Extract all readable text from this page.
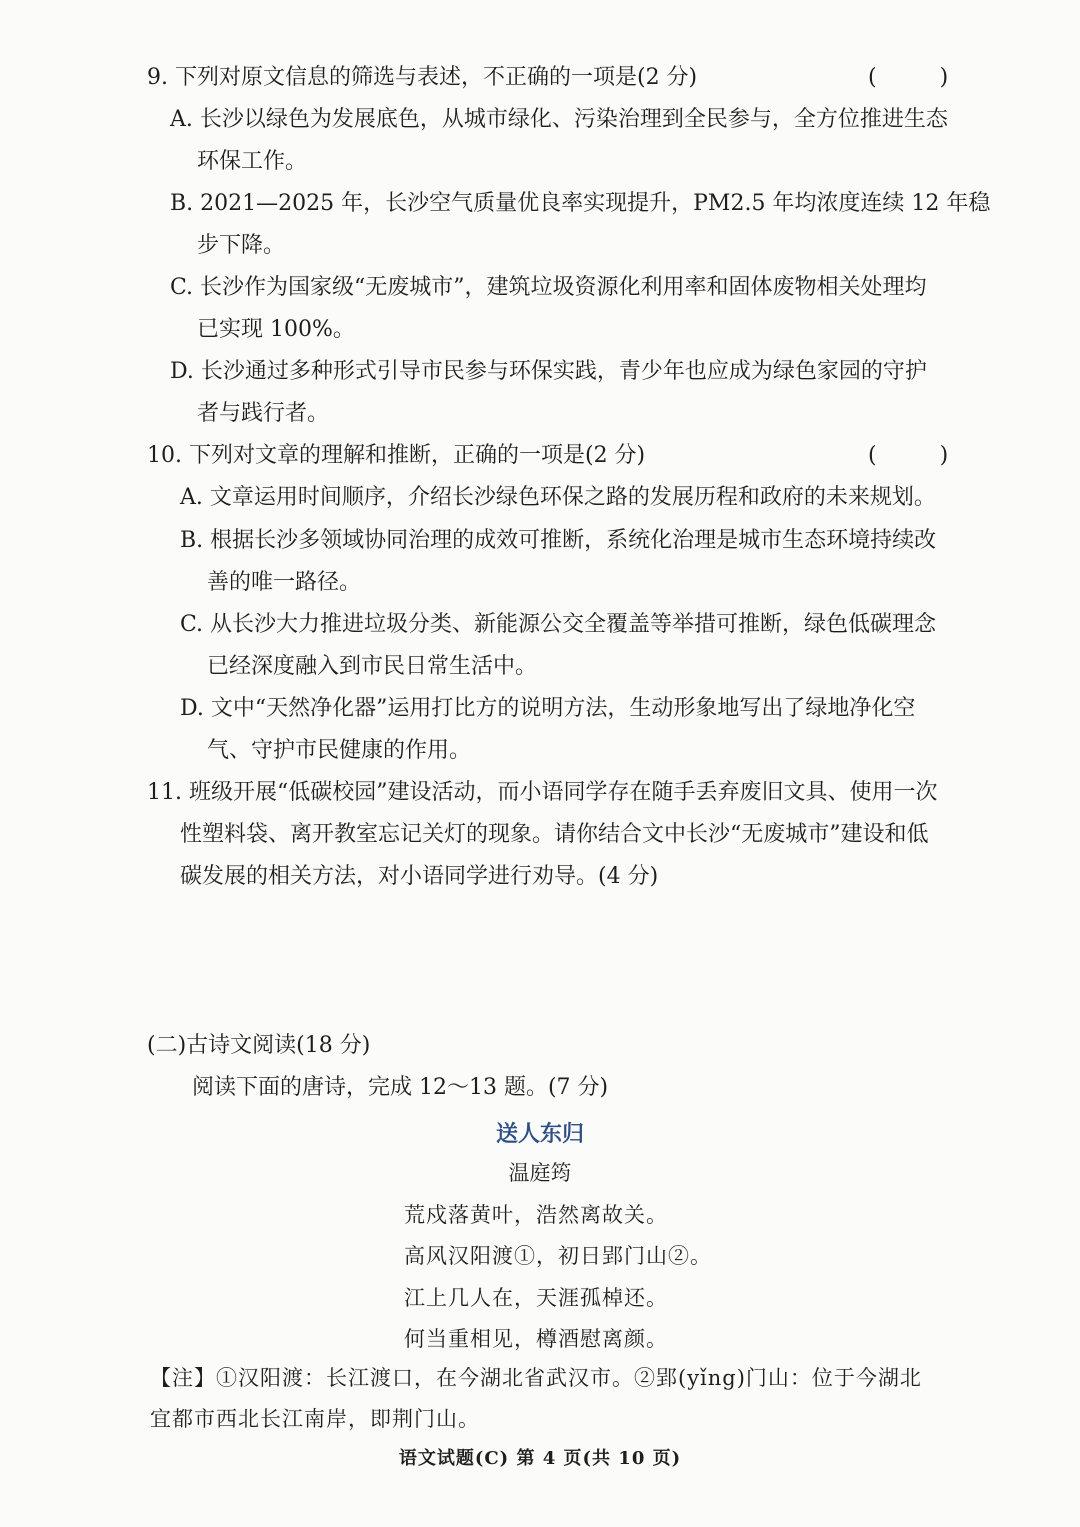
9. 下列对原文信息的筛选与表述，不正确的一项是(2 分)	( )
A. 长沙以绿色为发展底色，从城市绿化、污染治理到全民参与，全方位推进生态
环保工作。
B. 2021—2025 年，长沙空气质量优良率实现提升，PM2.5 年均浓度连续 12 年稳
步下降。
C. 长沙作为国家级“无废城市”，建筑垃圾资源化利用率和固体废物相关处理均
已实现 100%。
D. 长沙通过多种形式引导市民参与环保实践，青少年也应成为绿色家园的守护
者与践行者。
10. 下列对文章的理解和推断，正确的一项是(2 分)	( )
A. 文章运用时间顺序，介绍长沙绿色环保之路的发展历程和政府的未来规划。
B. 根据长沙多领域协同治理的成效可推断，系统化治理是城市生态环境持续改
善的唯一路径。
C. 从长沙大力推进垃圾分类、新能源公交全覆盖等举措可推断，绿色低碳理念
已经深度融入到市民日常生活中。
D. 文中“天然净化器”运用打比方的说明方法，生动形象地写出了绿地净化空
气、守护市民健康的作用。
11. 班级开展“低碳校园”建设活动，而小语同学存在随手丢弃废旧文具、使用一次
性塑料袋、离开教室忘记关灯的现象。请你结合文中长沙“无废城市”建设和低
碳发展的相关方法，对小语同学进行劝导。(4 分)
(二)古诗文阅读(18 分)
阅读下面的唐诗，完成 12～13 题。(7 分)
送人东归
温庭筠
荒戍落黄叶，浩然离故关。
高风汉阳渡①，初日郢门山②。
江上几人在，天涯孤棹还。
何当重相见，樽酒慰离颜。
【注】①汉阳渡：长江渡口，在今湖北省武汉市。②郢(yǐng)门山：位于今湖北
宜都市西北长江南岸，即荆门山。
语文试题(C) 第 4 页(共 10 页)
